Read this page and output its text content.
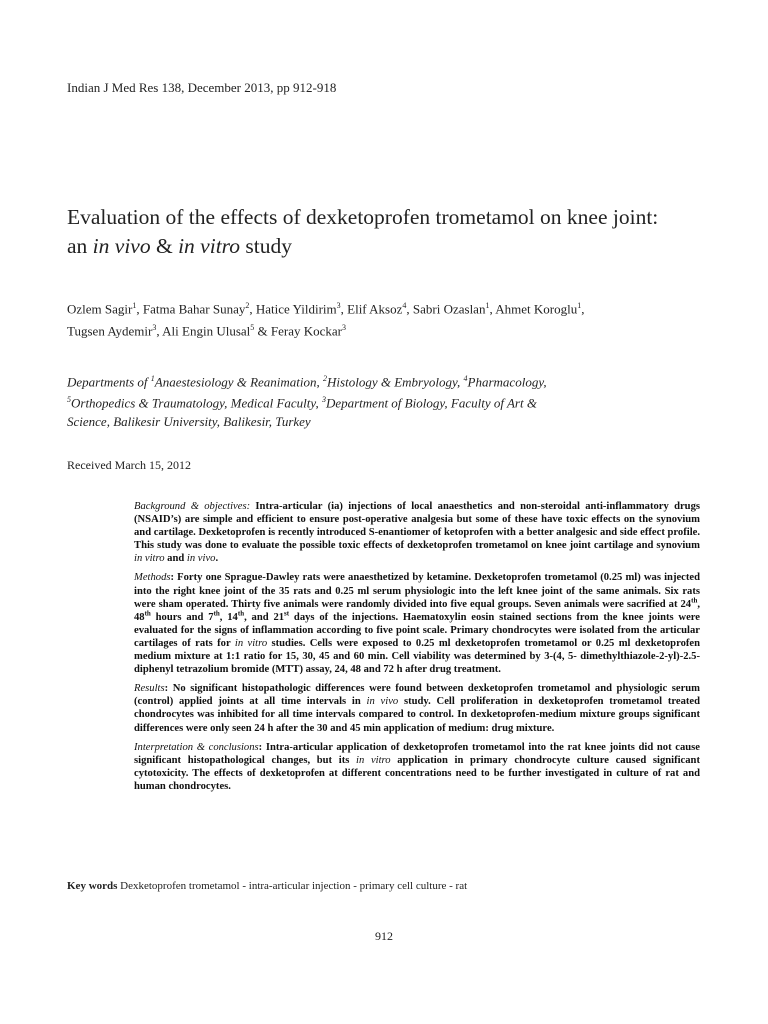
Indian J Med Res 138, December 2013, pp 912-918
Evaluation of the effects of dexketoprofen trometamol on knee joint:
an in vivo & in vitro study
Ozlem Sagir$^1$, Fatma Bahar Sunay$^2$, Hatice Yildirim$^3$, Elif Aksoz$^4$, Sabri Ozaslan$^1$, Ahmet Koroglu$^1$,
Tugsen Aydemir$^3$, Ali Engin Ulusal$^5$ & Feray Kockar$^3$
Departments of $^1$Anaestesiology & Reanimation, $^2$Histology & Embryology, $^4$Pharmacology,
$^5$Orthopedics & Traumatology, Medical Faculty, $^3$Department of Biology, Faculty of Art &
Science, Balikesir University, Balikesir, Turkey
Received March 15, 2012

Background & objectives: Intra-articular (ia) injections of local anaesthetics and non-steroidal anti-inflammatory drugs (NSAID’s) are simple and efficient to ensure post-operative analgesia but some of these have toxic effects on the synovium and cartilage. Dexketoprofen is recently introduced S-enantiomer of ketoprofen with a better analgesic and side effect profile. This study was done to evaluate the possible toxic effects of dexketoprofen trometamol on knee joint cartilage and synovium in vitro and in vivo.

Methods: Forty one Sprague-Dawley rats were anaesthetized by ketamine. Dexketoprofen trometamol (0.25 ml) was injected into the right knee joint of the 35 rats and 0.25 ml serum physiologic into the left knee joint of the same animals. Six rats were sham operated. Thirty five animals were randomly divided into five equal groups. Seven animals were sacrified at 24th, 48th hours and 7th, 14th, and 21st days of the injections. Haematoxylin eosin stained sections from the knee joints were evaluated for the signs of inflammation according to five point scale. Primary chondrocytes were isolated from the articular cartilages of rats for in vitro studies. Cells were exposed to 0.25 ml dexketoprofen trometamol or 0.25 ml dexketoprofen medium mixture at 1:1 ratio for 15, 30, 45 and 60 min. Cell viability was determined by 3-(4, 5- dimethylthiazole-2-yl)-2.5-diphenyl tetrazolium bromide (MTT) assay, 24, 48 and 72 h after drug treatment.

Results: No significant histopathologic differences were found between dexketoprofen trometamol and physiologic serum (control) applied joints at all time intervals in in vivo study. Cell proliferation in dexketoprofen trometamol treated chondrocytes was inhibited for all time intervals compared to control. In dexketoprofen-medium mixture groups significant differences were only seen 24 h after the 30 and 45 min application of medium: drug mixture.

Interpretation & conclusions: Intra-articular application of dexketoprofen trometamol into the rat knee joints did not cause significant histopathological changes, but its in vitro application in primary chondrocyte culture caused significant cytotoxicity. The effects of dexketoprofen at different concentrations need to be further investigated in culture of rat and human chondrocytes.

Key words Dexketoprofen trometamol - intra-articular injection - primary cell culture - rat
912
